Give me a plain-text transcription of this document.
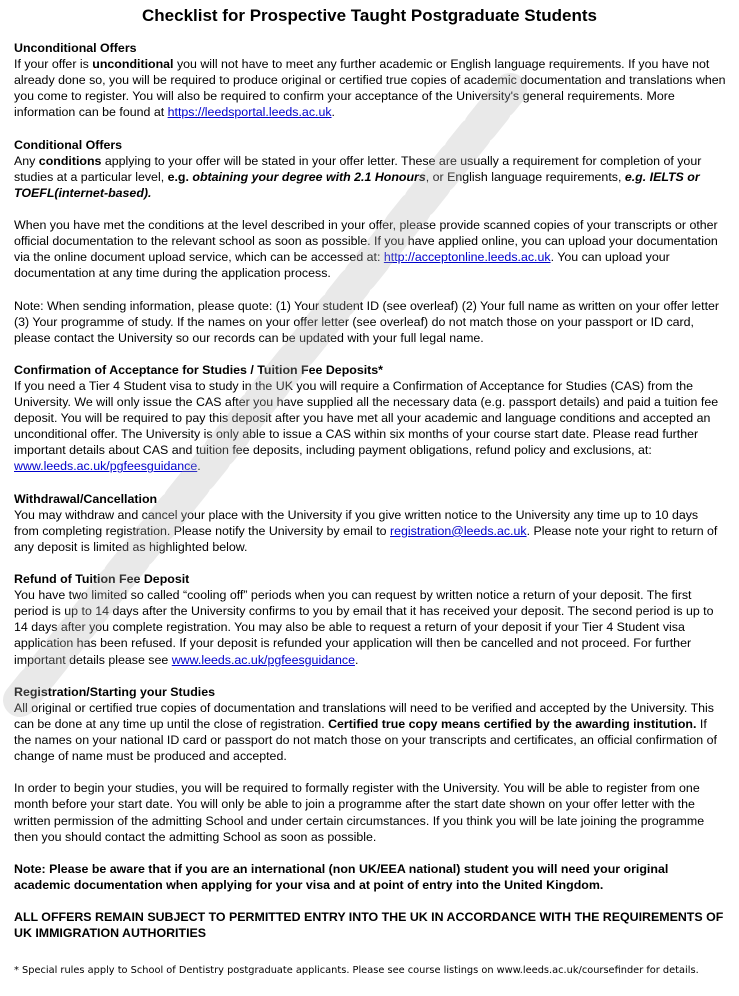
Checklist for Prospective Taught Postgraduate Students

Unconditional Offers

If your offer is unconditional you will not have to meet any further academic or English language requirements. If you have not already done so, you will be required to produce original or certified true copies of academic documentation and translations when you come to register. You will also be required to confirm your acceptance of the University's general requirements. More information can be found at https://leedsportal.leeds.ac.uk.

Conditional Offers

Any conditions applying to your offer will be stated in your offer letter. These are usually a requirement for completion of your studies at a particular level, e.g. obtaining your degree with 2.1 Honours, or English language requirements, e.g. IELTS or TOEFL(internet-based).

When you have met the conditions at the level described in your offer, please provide scanned copies of your transcripts or other official documentation to the relevant school as soon as possible. If you have applied online, you can upload your documentation via the online document upload service, which can be accessed at: http://acceptonline.leeds.ac.uk. You can upload your documentation at any time during the application process.

Note: When sending information, please quote: (1) Your student ID (see overleaf) (2) Your full name as written on your offer letter (3) Your programme of study. If the names on your offer letter (see overleaf) do not match those on your passport or ID card, please contact the University so our records can be updated with your full legal name.

Confirmation of Acceptance for Studies / Tuition Fee Deposits*

If you need a Tier 4 Student visa to study in the UK you will require a Confirmation of Acceptance for Studies (CAS) from the University. We will only issue the CAS after you have supplied all the necessary data (e.g. passport details) and paid a tuition fee deposit. You will be required to pay this deposit after you have met all your academic and language conditions and accepted an unconditional offer. The University is only able to issue a CAS within six months of your course start date. Please read further important details about CAS and tuition fee deposits, including payment obligations, refund policy and exclusions, at: www.leeds.ac.uk/pgfeesguidance.

Withdrawal/Cancellation

You may withdraw and cancel your place with the University if you give written notice to the University any time up to 10 days from completing registration. Please notify the University by email to registration@leeds.ac.uk. Please note your right to return of any deposit is limited as highlighted below.

Refund of Tuition Fee Deposit

You have two limited so called “cooling off” periods when you can request by written notice a return of your deposit. The first period is up to 14 days after the University confirms to you by email that it has received your deposit. The second period is up to 14 days after you complete registration. You may also be able to request a return of your deposit if your Tier 4 Student visa application has been refused. If your deposit is refunded your application will then be cancelled and not proceed. For further important details please see www.leeds.ac.uk/pgfeesguidance.

Registration/Starting your Studies

All original or certified true copies of documentation and translations will need to be verified and accepted by the University. This can be done at any time up until the close of registration. Certified true copy means certified by the awarding institution. If the names on your national ID card or passport do not match those on your transcripts and certificates, an official confirmation of change of name must be produced and accepted.

In order to begin your studies, you will be required to formally register with the University. You will be able to register from one month before your start date. You will only be able to join a programme after the start date shown on your offer letter with the written permission of the admitting School and under certain circumstances. If you think you will be late joining the programme then you should contact the admitting School as soon as possible.

Note: Please be aware that if you are an international (non UK/EEA national) student you will need your original academic documentation when applying for your visa and at point of entry into the United Kingdom.

ALL OFFERS REMAIN SUBJECT TO PERMITTED ENTRY INTO THE UK IN ACCORDANCE WITH THE REQUIREMENTS OF UK IMMIGRATION AUTHORITIES

* Special rules apply to School of Dentistry postgraduate applicants. Please see course listings on www.leeds.ac.uk/coursefinder for details.
